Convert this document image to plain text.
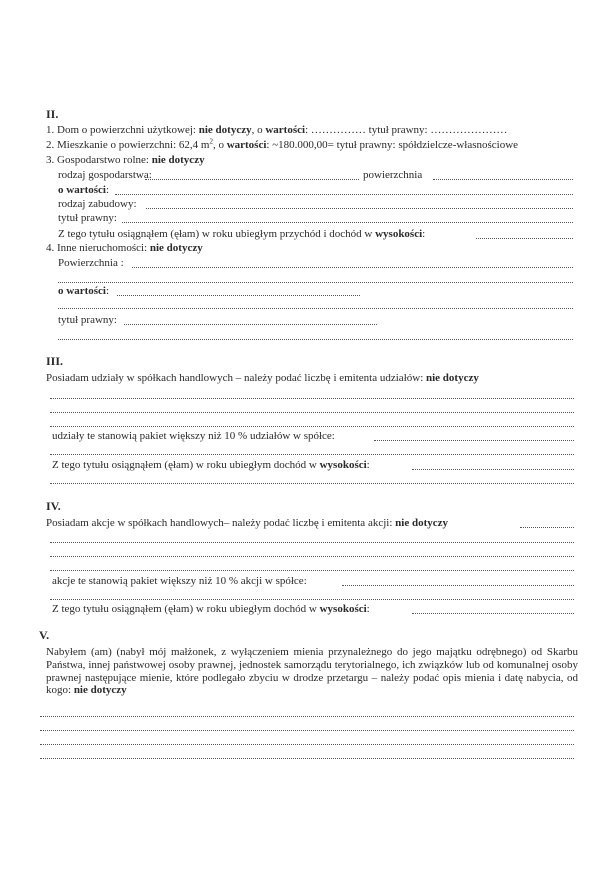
II.
1. Dom o powierzchni użytkowej: nie dotyczy, o wartości: …………… tytuł prawny: …………………
2. Mieszkanie o powierzchni: 62,4 $m^2$, o wartości: ~180.000,00= tytuł prawny: spółdzielcze-własnościowe
3. Gospodarstwo rolne: nie dotyczy
rodzaj gospodarstwa:	powierzchnia
o wartości:
rodzaj zabudowy:
tytuł prawny:
Z tego tytułu osiągnąłem (ęłam) w roku ubiegłym przychód i dochód w wysokości:
4. Inne nieruchomości: nie dotyczy
Powierzchnia :
o wartości:
tytuł prawny:
III.
Posiadam udziały w spółkach handlowych – należy podać liczbę i emitenta udziałów: nie dotyczy
udziały te stanowią pakiet większy niż 10 % udziałów w spółce:
Z tego tytułu osiągnąłem (ęłam) w roku ubiegłym dochód w wysokości:
IV.
Posiadam akcje w spółkach handlowych– należy podać liczbę i emitenta akcji: nie dotyczy
akcje te stanowią pakiet większy niż 10 % akcji w spółce:
Z tego tytułu osiągnąłem (ęłam) w roku ubiegłym dochód w wysokości:
V.
Nabyłem (am) (nabył mój małżonek, z wyłączeniem mienia przynależnego do jego majątku odrębnego) od Skarbu Państwa, innej państwowej osoby prawnej, jednostek samorządu terytorialnego, ich związków lub od komunalnej osoby prawnej następujące mienie, które podlegało zbyciu w drodze przetargu – należy podać opis mienia i datę nabycia, od kogo: nie dotyczy
